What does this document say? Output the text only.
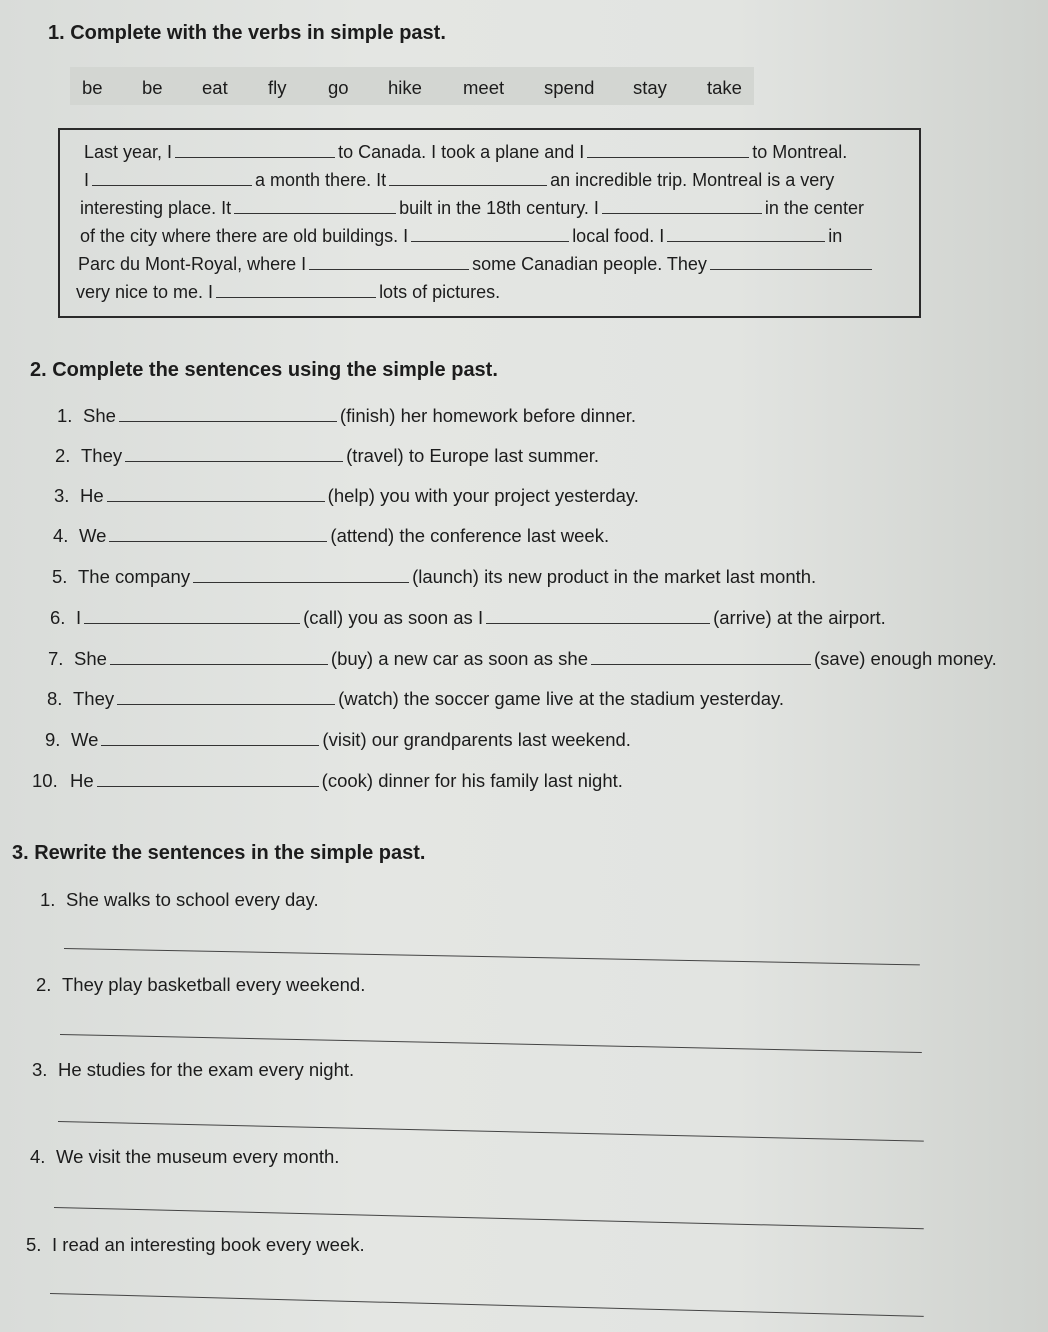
1. Complete with the verbs in simple past.
be be eat fly go hike meet spend stay take
Last year, I	to Canada. I took a plane and I	to Montreal.
I	a month there. It	an incredible trip. Montreal is a very
interesting place. It	built in the 18th century. I	in the center
of the city where there are old buildings. I	local food. I	in
Parc du Mont-Royal, where I	some Canadian people. They
very nice to me. I	lots of pictures.
2. Complete the sentences using the simple past.
1. She	(finish) her homework before dinner.
2. They	(travel) to Europe last summer.
3. He	(help) you with your project yesterday.
4. We	(attend) the conference last week.
5. The company	(launch) its new product in the market last month.
6. I	(call) you as soon as I	(arrive) at the airport.
7. She	(buy) a new car as soon as she	(save) enough money.
8. They	(watch) the soccer game live at the stadium yesterday.
9. We	(visit) our grandparents last weekend.
10. He	(cook) dinner for his family last night.
3. Rewrite the sentences in the simple past.
1. She walks to school every day.
2. They play basketball every weekend.
3. He studies for the exam every night.
4. We visit the museum every month.
5. I read an interesting book every week.
